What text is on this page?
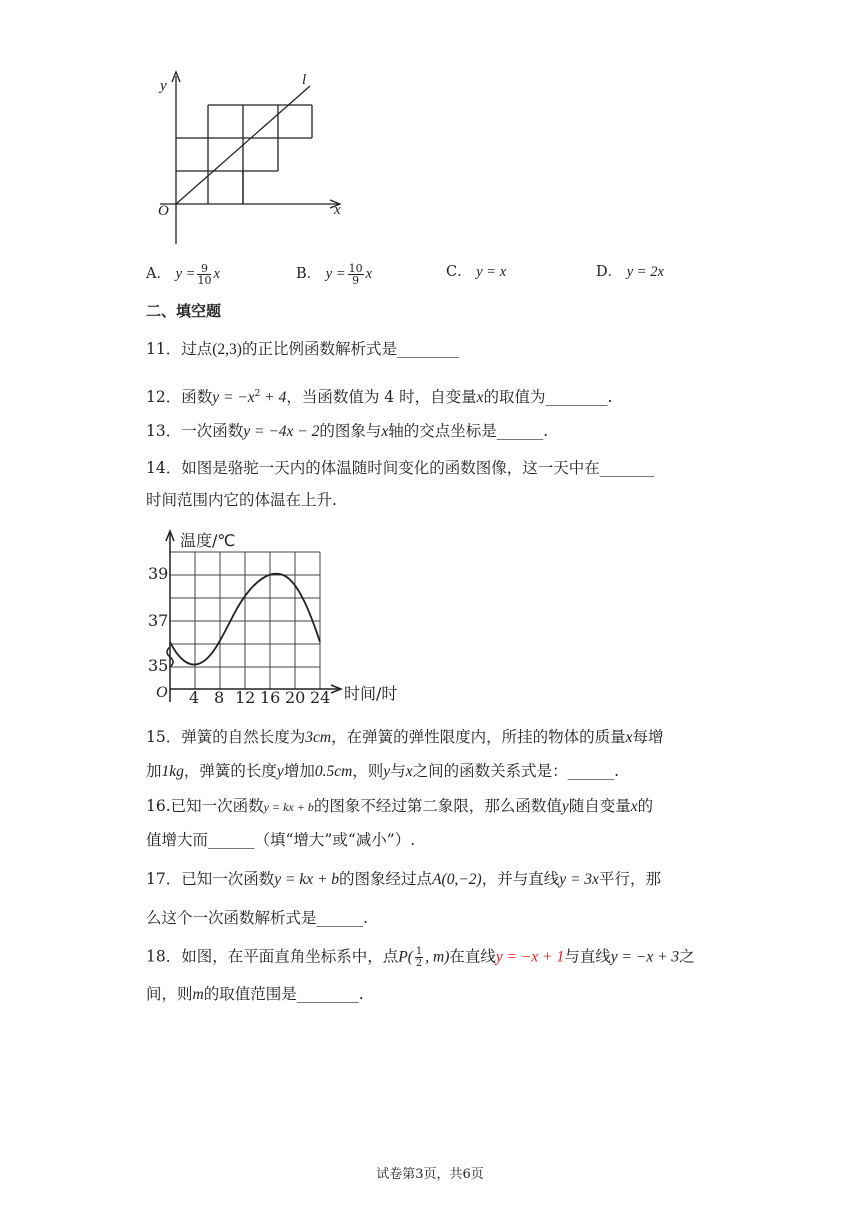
y
x
O
l
A． $y = \frac{9}{10}$ x	B． $y = \frac{10}{9}$ x	C． y = x	D． y = 2x
二、填空题
11．过点(2,3)的正比例函数解析式是________
12．函数$y = -x^2 + 4$，当函数值为 4 时，自变量x的取值为________.
13．一次函数y = −4x − 2的图象与x轴的交点坐标是______.
14．如图是骆驼一天内的体温随时间变化的函数图像，这一天中在_______
时间范围内它的体温在上升.
温度/℃
时间/时
O
39
37
35
4 8 12 16 20 24
15．弹簧的自然长度为3cm，在弹簧的弹性限度内，所挂的物体的质量x每增
加1kg，弹簧的长度y增加0.5cm，则y与x之间的函数关系式是：______.
16.已知一次函数y = kx + b的图象不经过第二象限，那么函数值y随自变量x的
值增大而______（填“增大”或“减小”）.
17．已知一次函数y = kx + b的图象经过点A(0,−2)，并与直线y = 3x平行，那
么这个一次函数解析式是______.
18．如图，在平面直角坐标系中，点$P( \frac{1}{2}$ , m)在直线y = −x + 1与直线y = −x + 3之
间，则m的取值范围是________.
试卷第3页，共6页
